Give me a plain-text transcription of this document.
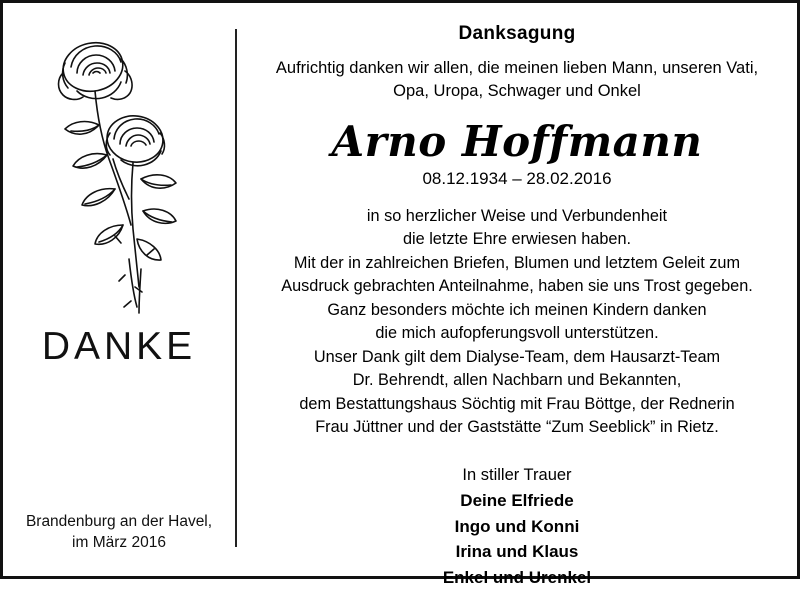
DANKE
Brandenburg an der Havel,
im März 2016
Danksagung
Aufrichtig danken wir allen, die meinen lieben Mann, unseren Vati, Opa, Uropa, Schwager und Onkel
Arno Hoffmann
08.12.1934 – 28.02.2016
in so herzlicher Weise und Verbundenheit
die letzte Ehre erwiesen haben.
Mit der in zahlreichen Briefen, Blumen und letztem Geleit zum
Ausdruck gebrachten Anteilnahme, haben sie uns Trost gegeben.
Ganz besonders möchte ich meinen Kindern danken
die mich aufopferungsvoll unterstützen.
Unser Dank gilt dem Dialyse-Team, dem Hausarzt-Team
Dr. Behrendt, allen Nachbarn und Bekannten,
dem Bestattungshaus Söchtig mit Frau Böttge, der Rednerin
Frau Jüttner und der Gaststätte “Zum Seeblick” in Rietz.
In stiller Trauer
Deine Elfriede
Ingo und Konni
Irina und Klaus
Enkel und Urenkel
